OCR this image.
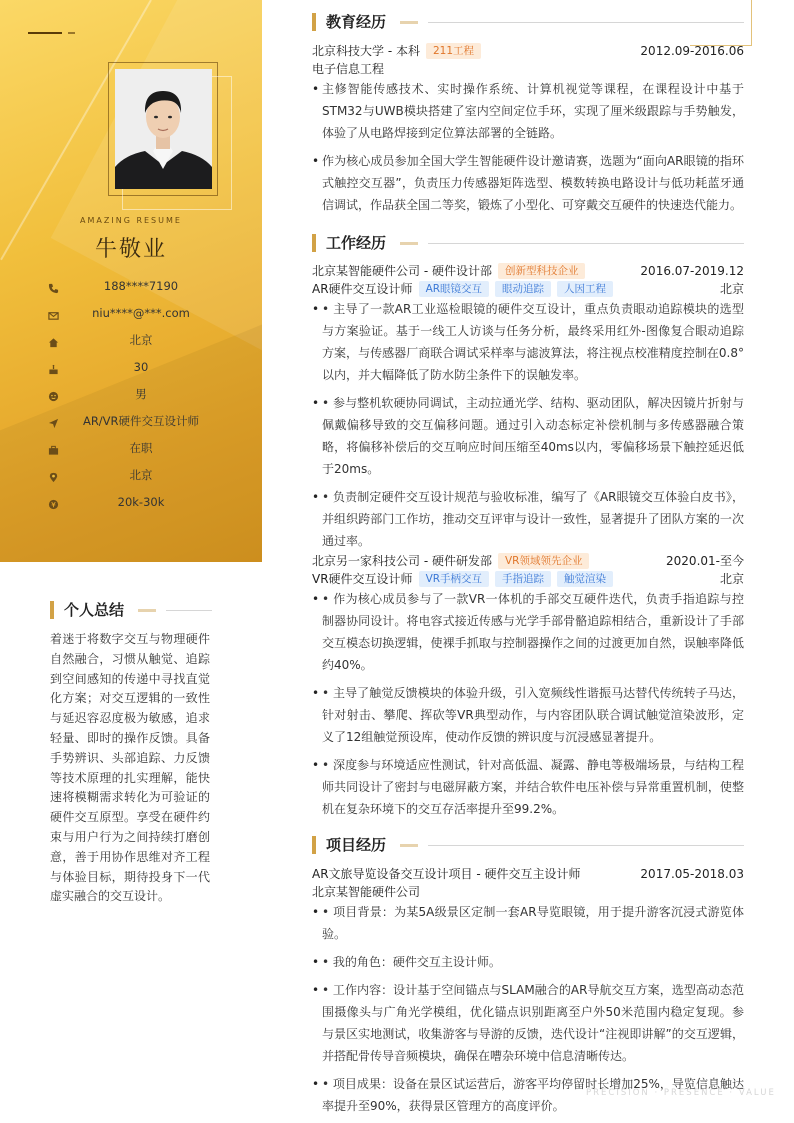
AMAZING RESUME
牛敬业
188****7190
niu****@***.com
北京
30
男
AR/VR硬件交互设计师
在职
北京
20k-30k
个人总结
着迷于将数字交互与物理硬件自然融合，习惯从触觉、追踪到空间感知的传递中寻找直觉化方案；对交互逻辑的一致性与延迟容忍度极为敏感，追求轻量、即时的操作反馈。具备手势辨识、头部追踪、力反馈等技术原理的扎实理解，能快速将模糊需求转化为可验证的硬件交互原型。享受在硬件约束与用户行为之间持续打磨创意，善于用协作思维对齐工程与体验目标，期待投身下一代虚实融合的交互设计。
教育经历
北京科技大学 - 本科 211工程	2012.09-2016.06
电子信息工程
• 主修智能传感技术、实时操作系统、计算机视觉等课程，在课程设计中基于STM32与UWB模块搭建了室内空间定位手环，实现了厘米级跟踪与手势触发，体验了从电路焊接到定位算法部署的全链路。
• 作为核心成员参加全国大学生智能硬件设计邀请赛，选题为“面向AR眼镜的指环式触控交互器”，负责压力传感器矩阵选型、模数转换电路设计与低功耗蓝牙通信调试，作品获全国二等奖，锻炼了小型化、可穿戴交互硬件的快速迭代能力。
工作经历
北京某智能硬件公司 - 硬件设计部 创新型科技企业	2016.07-2019.12
AR硬件交互设计师 AR眼镜交互 眼动追踪 人因工程	北京
• • 主导了一款AR工业巡检眼镜的硬件交互设计，重点负责眼动追踪模块的选型与方案验证。基于一线工人访谈与任务分析，最终采用红外-图像复合眼动追踪方案，与传感器厂商联合调试采样率与滤波算法，将注视点校准精度控制在0.8°以内，并大幅降低了防水防尘条件下的误触发率。
• • 参与整机软硬协同调试，主动拉通光学、结构、驱动团队，解决因镜片折射与佩戴偏移导致的交互偏移问题。通过引入动态标定补偿机制与多传感器融合策略，将偏移补偿后的交互响应时间压缩至40ms以内，零偏移场景下触控延迟低于20ms。
• • 负责制定硬件交互设计规范与验收标准，编写了《AR眼镜交互体验白皮书》，并组织跨部门工作坊，推动交互评审与设计一致性，显著提升了团队方案的一次通过率。
北京另一家科技公司 - 硬件研发部 VR领域领先企业	2020.01-至今
VR硬件交互设计师 VR手柄交互 手指追踪 触觉渲染	北京
• • 作为核心成员参与了一款VR一体机的手部交互硬件迭代，负责手指追踪与控制器协同设计。将电容式接近传感与光学手部骨骼追踪相结合，重新设计了手部交互模态切换逻辑，使裸手抓取与控制器操作之间的过渡更加自然，误触率降低约40%。
• • 主导了触觉反馈模块的体验升级，引入宽频线性谐振马达替代传统转子马达，针对射击、攀爬、挥砍等VR典型动作，与内容团队联合调试触觉渲染波形，定义了12组触觉预设库，使动作反馈的辨识度与沉浸感显著提升。
• • 深度参与环境适应性测试，针对高低温、凝露、静电等极端场景，与结构工程师共同设计了密封与电磁屏蔽方案，并结合软件电压补偿与异常重置机制，使整机在复杂环境下的交互存活率提升至99.2%。
项目经历
AR文旅导览设备交互设计项目 - 硬件交互主设计师	2017.05-2018.03
北京某智能硬件公司
• • 项目背景：为某5A级景区定制一套AR导览眼镜，用于提升游客沉浸式游览体验。
• • 我的角色：硬件交互主设计师。
• • 工作内容：设计基于空间锚点与SLAM融合的AR导航交互方案，选型高动态范围摄像头与广角光学模组，优化锚点识别距离至户外50米范围内稳定复现。参与景区实地测试，收集游客与导游的反馈，迭代设计“注视即讲解”的交互逻辑，并搭配骨传导音频模块，确保在嘈杂环境中信息清晰传达。
• • 项目成果：设备在景区试运营后，游客平均停留时长增加25%，导览信息触达率提升至90%，获得景区管理方的高度评价。
PRECISION · PRESENCE · VALUE
